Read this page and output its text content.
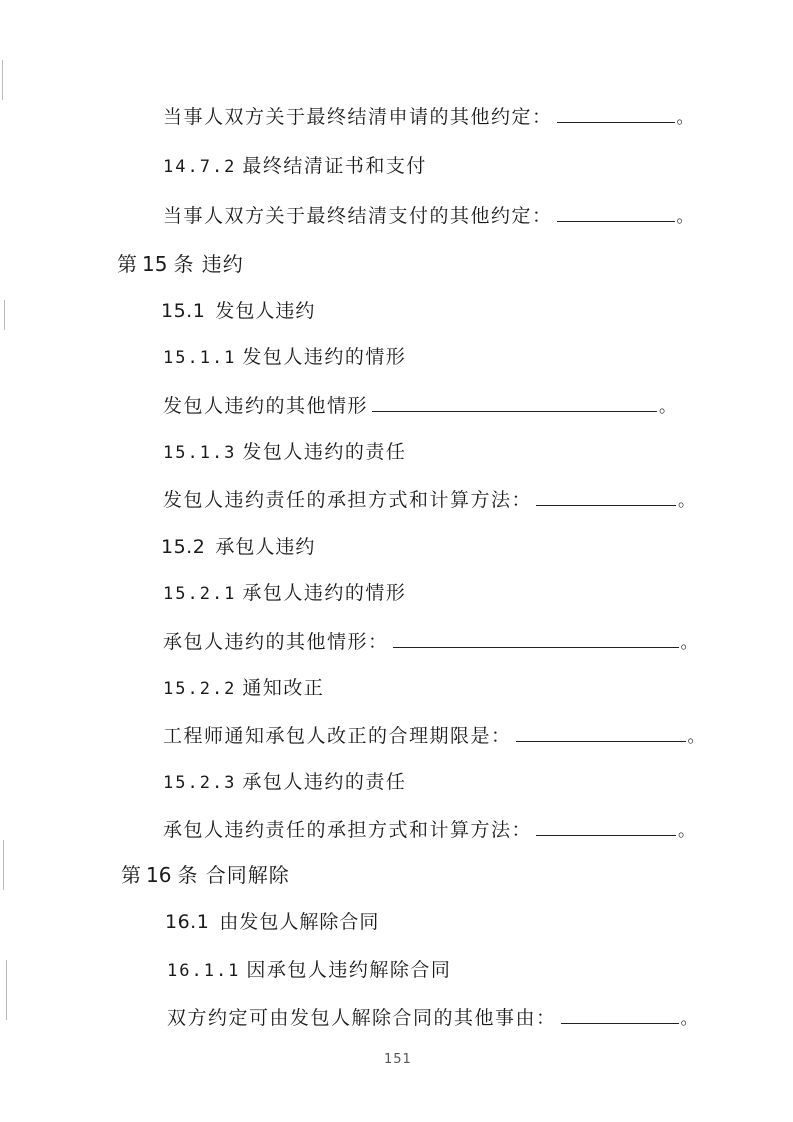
当事人双方关于最终结清申请的其他约定：	。
14.7.2 最终结清证书和支付
当事人双方关于最终结清支付的其他约定：	。
第 15 条 违约
15.1 发包人违约
15.1.1 发包人违约的情形
发包人违约的其他情形	。
15.1.3 发包人违约的责任
发包人违约责任的承担方式和计算方法：	。
15.2 承包人违约
15.2.1 承包人违约的情形
承包人违约的其他情形：	。
15.2.2 通知改正
工程师通知承包人改正的合理期限是：	。
15.2.3 承包人违约的责任
承包人违约责任的承担方式和计算方法：	。
第 16 条 合同解除
16.1 由发包人解除合同
16.1.1 因承包人违约解除合同
双方约定可由发包人解除合同的其他事由：	。
151
